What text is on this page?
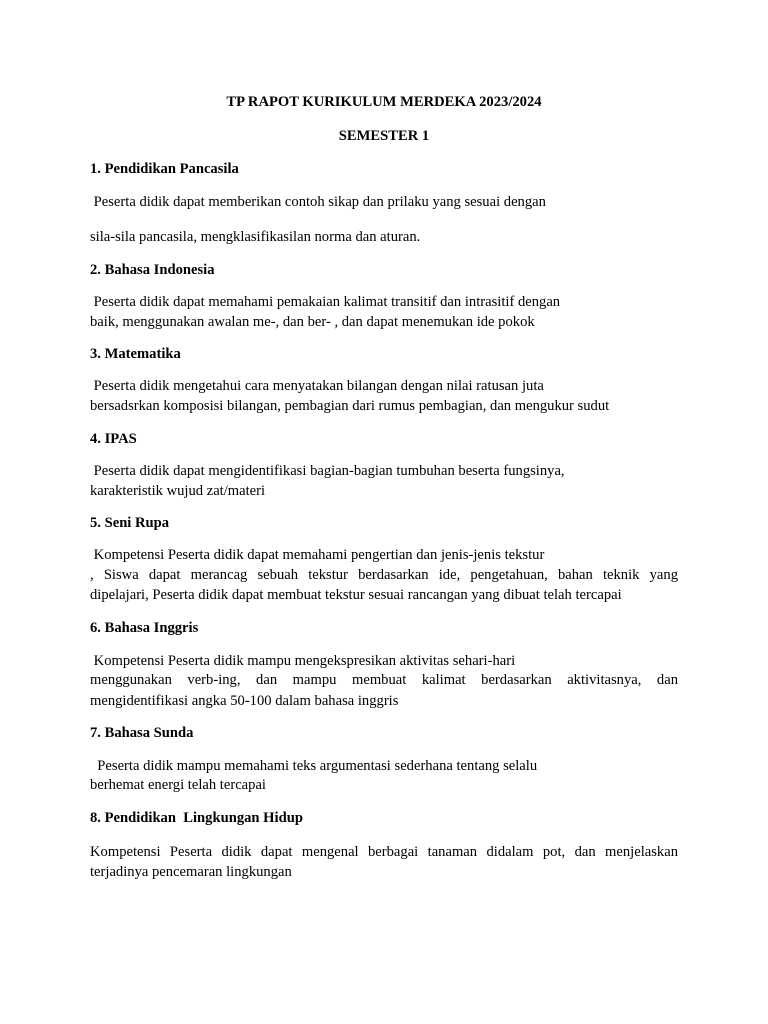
TP RAPOT KURIKULUM MERDEKA 2023/2024
SEMESTER 1
1. Pendidikan Pancasila
Peserta didik dapat memberikan contoh sikap dan prilaku yang sesuai dengan
sila-sila pancasila, mengklasifikasilan norma dan aturan.
2. Bahasa Indonesia
Peserta didik dapat memahami pemakaian kalimat transitif dan intrasitif dengan
baik, menggunakan awalan me-, dan ber- , dan dapat menemukan ide pokok
3. Matematika
Peserta didik mengetahui cara menyatakan bilangan dengan nilai ratusan juta
bersadsrkan komposisi bilangan, pembagian dari rumus pembagian, dan mengukur sudut
4. IPAS
Peserta didik dapat mengidentifikasi bagian-bagian tumbuhan beserta fungsinya,
karakteristik wujud zat/materi
5. Seni Rupa
Kompetensi Peserta didik dapat memahami pengertian dan jenis-jenis tekstur
, Siswa dapat merancag sebuah tekstur berdasarkan ide, pengetahuan, bahan teknik yang
dipelajari, Peserta didik dapat membuat tekstur sesuai rancangan yang dibuat telah tercapai
6. Bahasa Inggris
Kompetensi Peserta didik mampu mengekspresikan aktivitas sehari-hari
menggunakan verb-ing, dan mampu membuat kalimat berdasarkan aktivitasnya, dan
mengidentifikasi angka 50-100 dalam bahasa inggris
7. Bahasa Sunda
Peserta didik mampu memahami teks argumentasi sederhana tentang selalu
berhemat energi telah tercapai
8. Pendidikan  Lingkungan Hidup
Kompetensi Peserta didik dapat mengenal berbagai tanaman didalam pot, dan menjelaskan
terjadinya pencemaran lingkungan
